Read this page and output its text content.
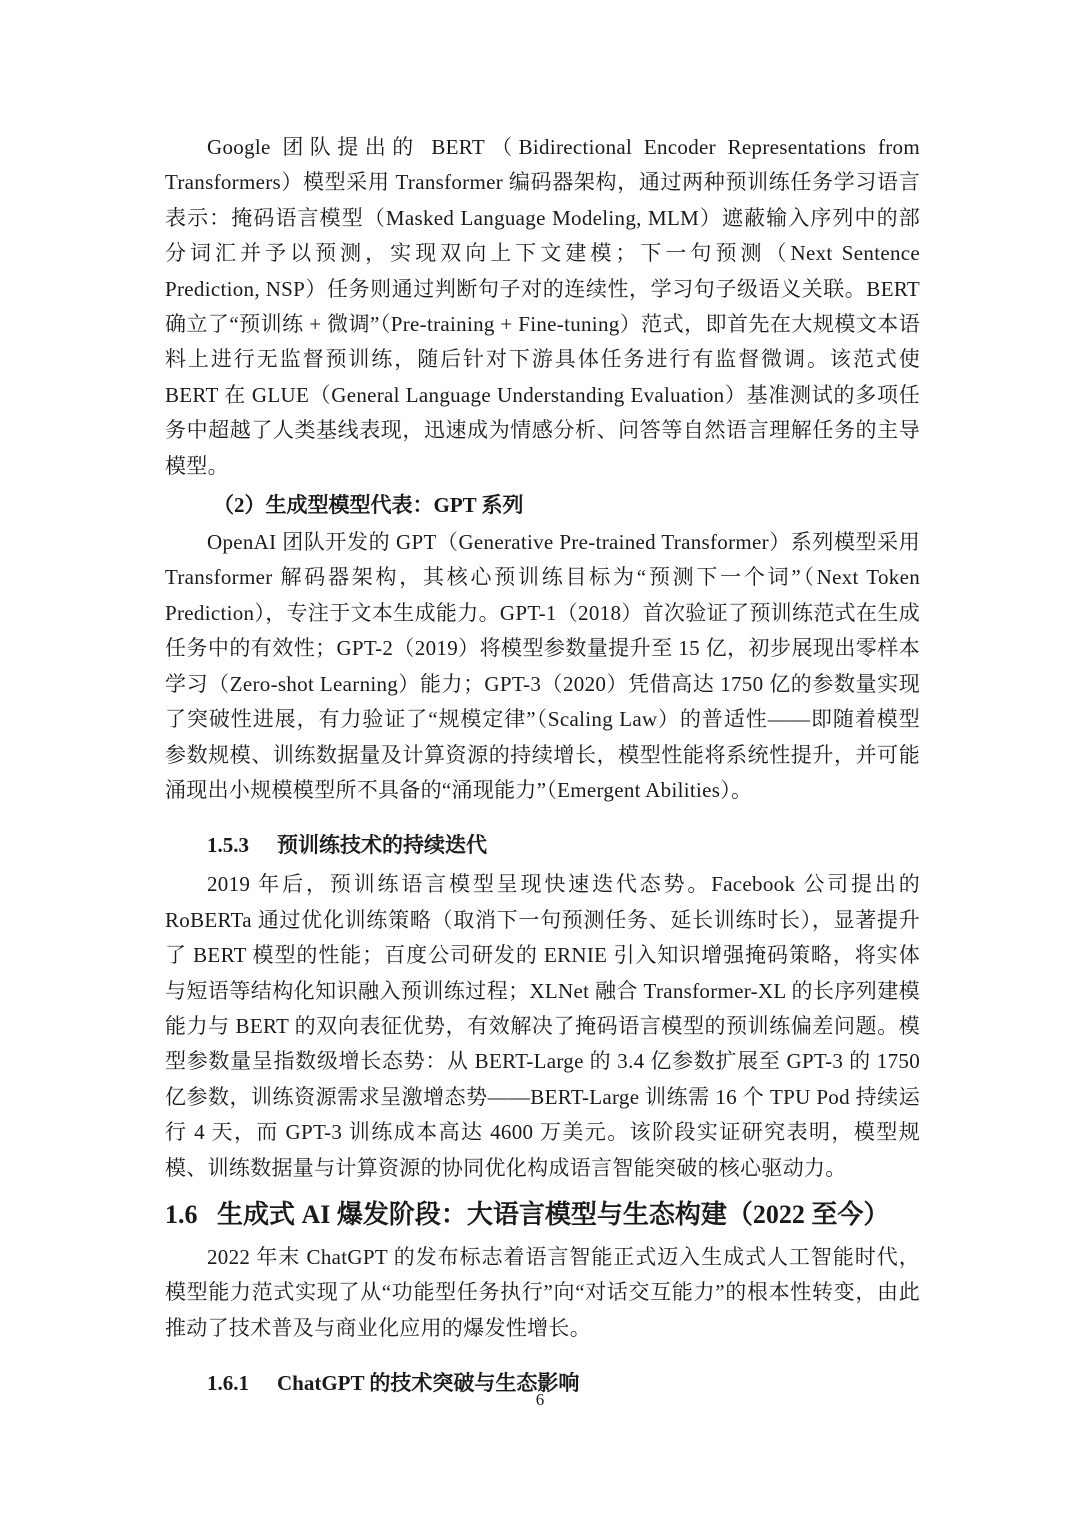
Google 团队提出的 BERT（Bidirectional Encoder Representations from Transformers）模型采用 Transformer 编码器架构，通过两种预训练任务学习语言表示：掩码语言模型（Masked Language Modeling, MLM）遮蔽输入序列中的部分词汇并予以预测，实现双向上下文建模；下一句预测（Next Sentence Prediction, NSP）任务则通过判断句子对的连续性，学习句子级语义关联。BERT 确立了“预训练 + 微调”（Pre-training + Fine-tuning）范式，即首先在大规模文本语料上进行无监督预训练，随后针对下游具体任务进行有监督微调。该范式使 BERT 在 GLUE（General Language Understanding Evaluation）基准测试的多项任务中超越了人类基线表现，迅速成为情感分析、问答等自然语言理解任务的主导模型。

（2）生成型模型代表：GPT 系列

OpenAI 团队开发的 GPT（Generative Pre-trained Transformer）系列模型采用 Transformer 解码器架构，其核心预训练目标为“预测下一个词”（Next Token Prediction），专注于文本生成能力。GPT-1（2018）首次验证了预训练范式在生成任务中的有效性；GPT-2（2019）将模型参数量提升至 15 亿，初步展现出零样本学习（Zero-shot Learning）能力；GPT-3（2020）凭借高达 1750 亿的参数量实现了突破性进展，有力验证了“规模定律”（Scaling Law）的普适性——即随着模型参数规模、训练数据量及计算资源的持续增长，模型性能将系统性提升，并可能涌现出小规模模型所不具备的“涌现能力”（Emergent Abilities）。

1.5.3 预训练技术的持续迭代

2019 年后，预训练语言模型呈现快速迭代态势。Facebook 公司提出的 RoBERTa 通过优化训练策略（取消下一句预测任务、延长训练时长），显著提升了 BERT 模型的性能；百度公司研发的 ERNIE 引入知识增强掩码策略，将实体与短语等结构化知识融入预训练过程；XLNet 融合 Transformer-XL 的长序列建模能力与 BERT 的双向表征优势，有效解决了掩码语言模型的预训练偏差问题。模型参数量呈指数级增长态势：从 BERT-Large 的 3.4 亿参数扩展至 GPT-3 的 1750 亿参数，训练资源需求呈激增态势——BERT-Large 训练需 16 个 TPU Pod 持续运行 4 天，而 GPT-3 训练成本高达 4600 万美元。该阶段实证研究表明，模型规模、训练数据量与计算资源的协同优化构成语言智能突破的核心驱动力。

1.6 生成式 AI 爆发阶段：大语言模型与生态构建（2022 至今）

2022 年末 ChatGPT 的发布标志着语言智能正式迈入生成式人工智能时代，模型能力范式实现了从“功能型任务执行”向“对话交互能力”的根本性转变，由此推动了技术普及与商业化应用的爆发性增长。

1.6.1 ChatGPT 的技术突破与生态影响
6
